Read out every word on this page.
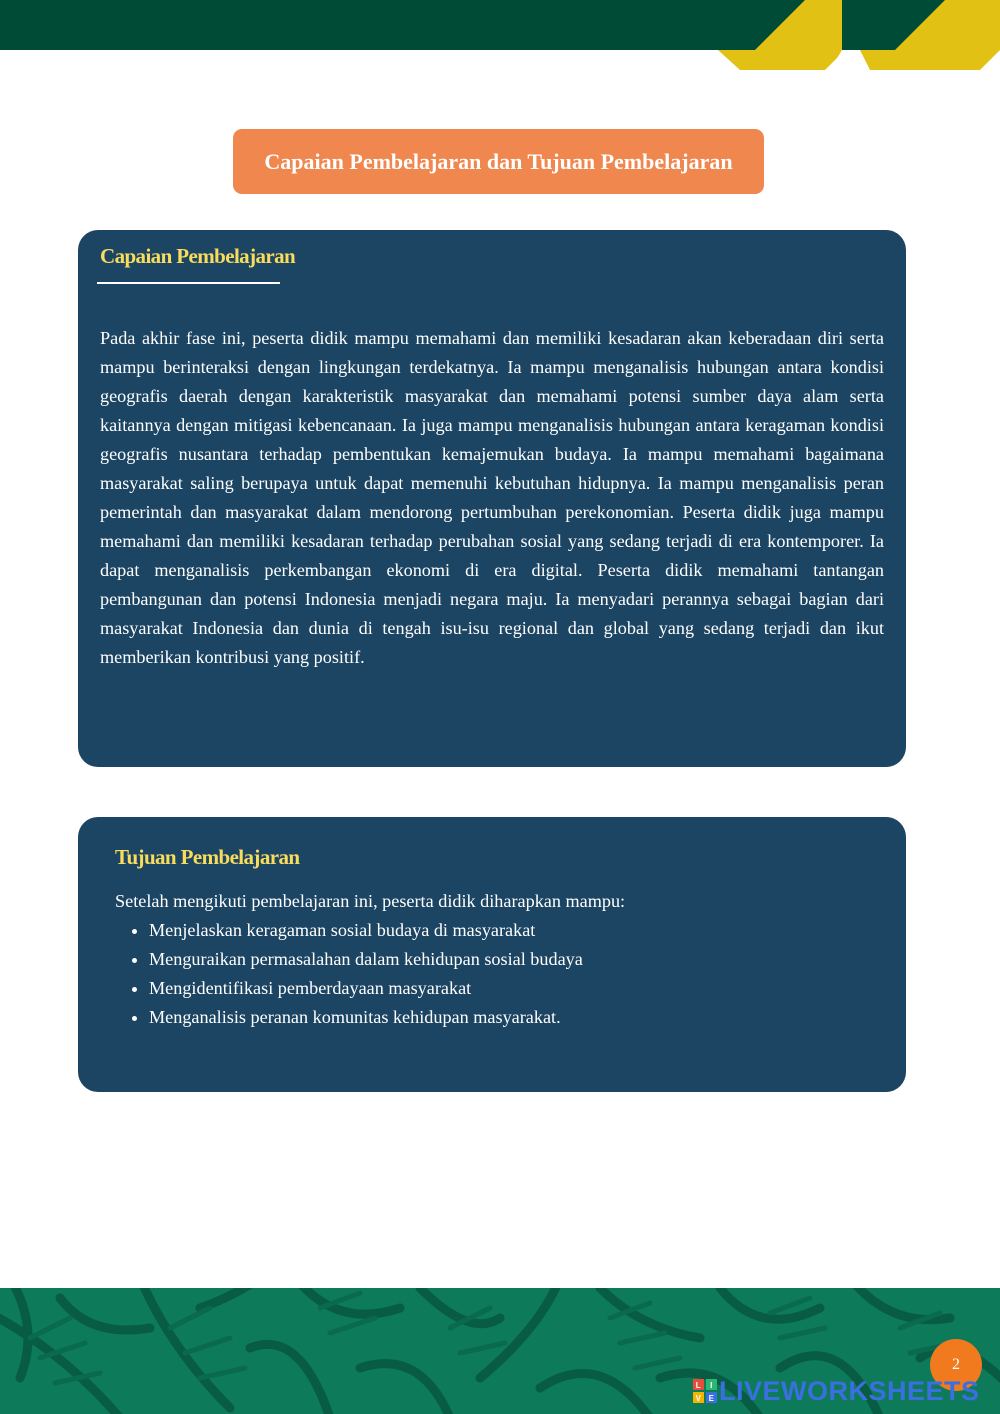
Capaian Pembelajaran dan Tujuan Pembelajaran
Capaian Pembelajaran

Pada akhir fase ini, peserta didik mampu memahami dan memiliki kesadaran akan keberadaan diri serta mampu berinteraksi dengan lingkungan terdekatnya. Ia mampu menganalisis hubungan antara kondisi geografis daerah dengan karakteristik masyarakat dan memahami potensi sumber daya alam serta kaitannya dengan mitigasi kebencanaan. Ia juga mampu menganalisis hubungan antara keragaman kondisi geografis nusantara terhadap pembentukan kemajemukan budaya. Ia mampu memahami bagaimana masyarakat saling berupaya untuk dapat memenuhi kebutuhan hidupnya. Ia mampu menganalisis peran pemerintah dan masyarakat dalam mendorong pertumbuhan perekonomian. Peserta didik juga mampu memahami dan memiliki kesadaran terhadap perubahan sosial yang sedang terjadi di era kontemporer. Ia dapat menganalisis perkembangan ekonomi di era digital. Peserta didik memahami tantangan pembangunan dan potensi Indonesia menjadi negara maju. Ia menyadari perannya sebagai bagian dari masyarakat Indonesia dan dunia di tengah isu-isu regional dan global yang sedang terjadi dan ikut memberikan kontribusi yang positif.

Tujuan Pembelajaran

Setelah mengikuti pembelajaran ini, peserta didik diharapkan mampu:

• Menjelaskan keragaman sosial budaya di masyarakat
• Menguraikan permasalahan dalam kehidupan sosial budaya
• Mengidentifikasi pemberdayaan masyarakat
• Menganalisis peranan komunitas kehidupan masyarakat.
2
L I
V E LIVEWORKSHEETS
